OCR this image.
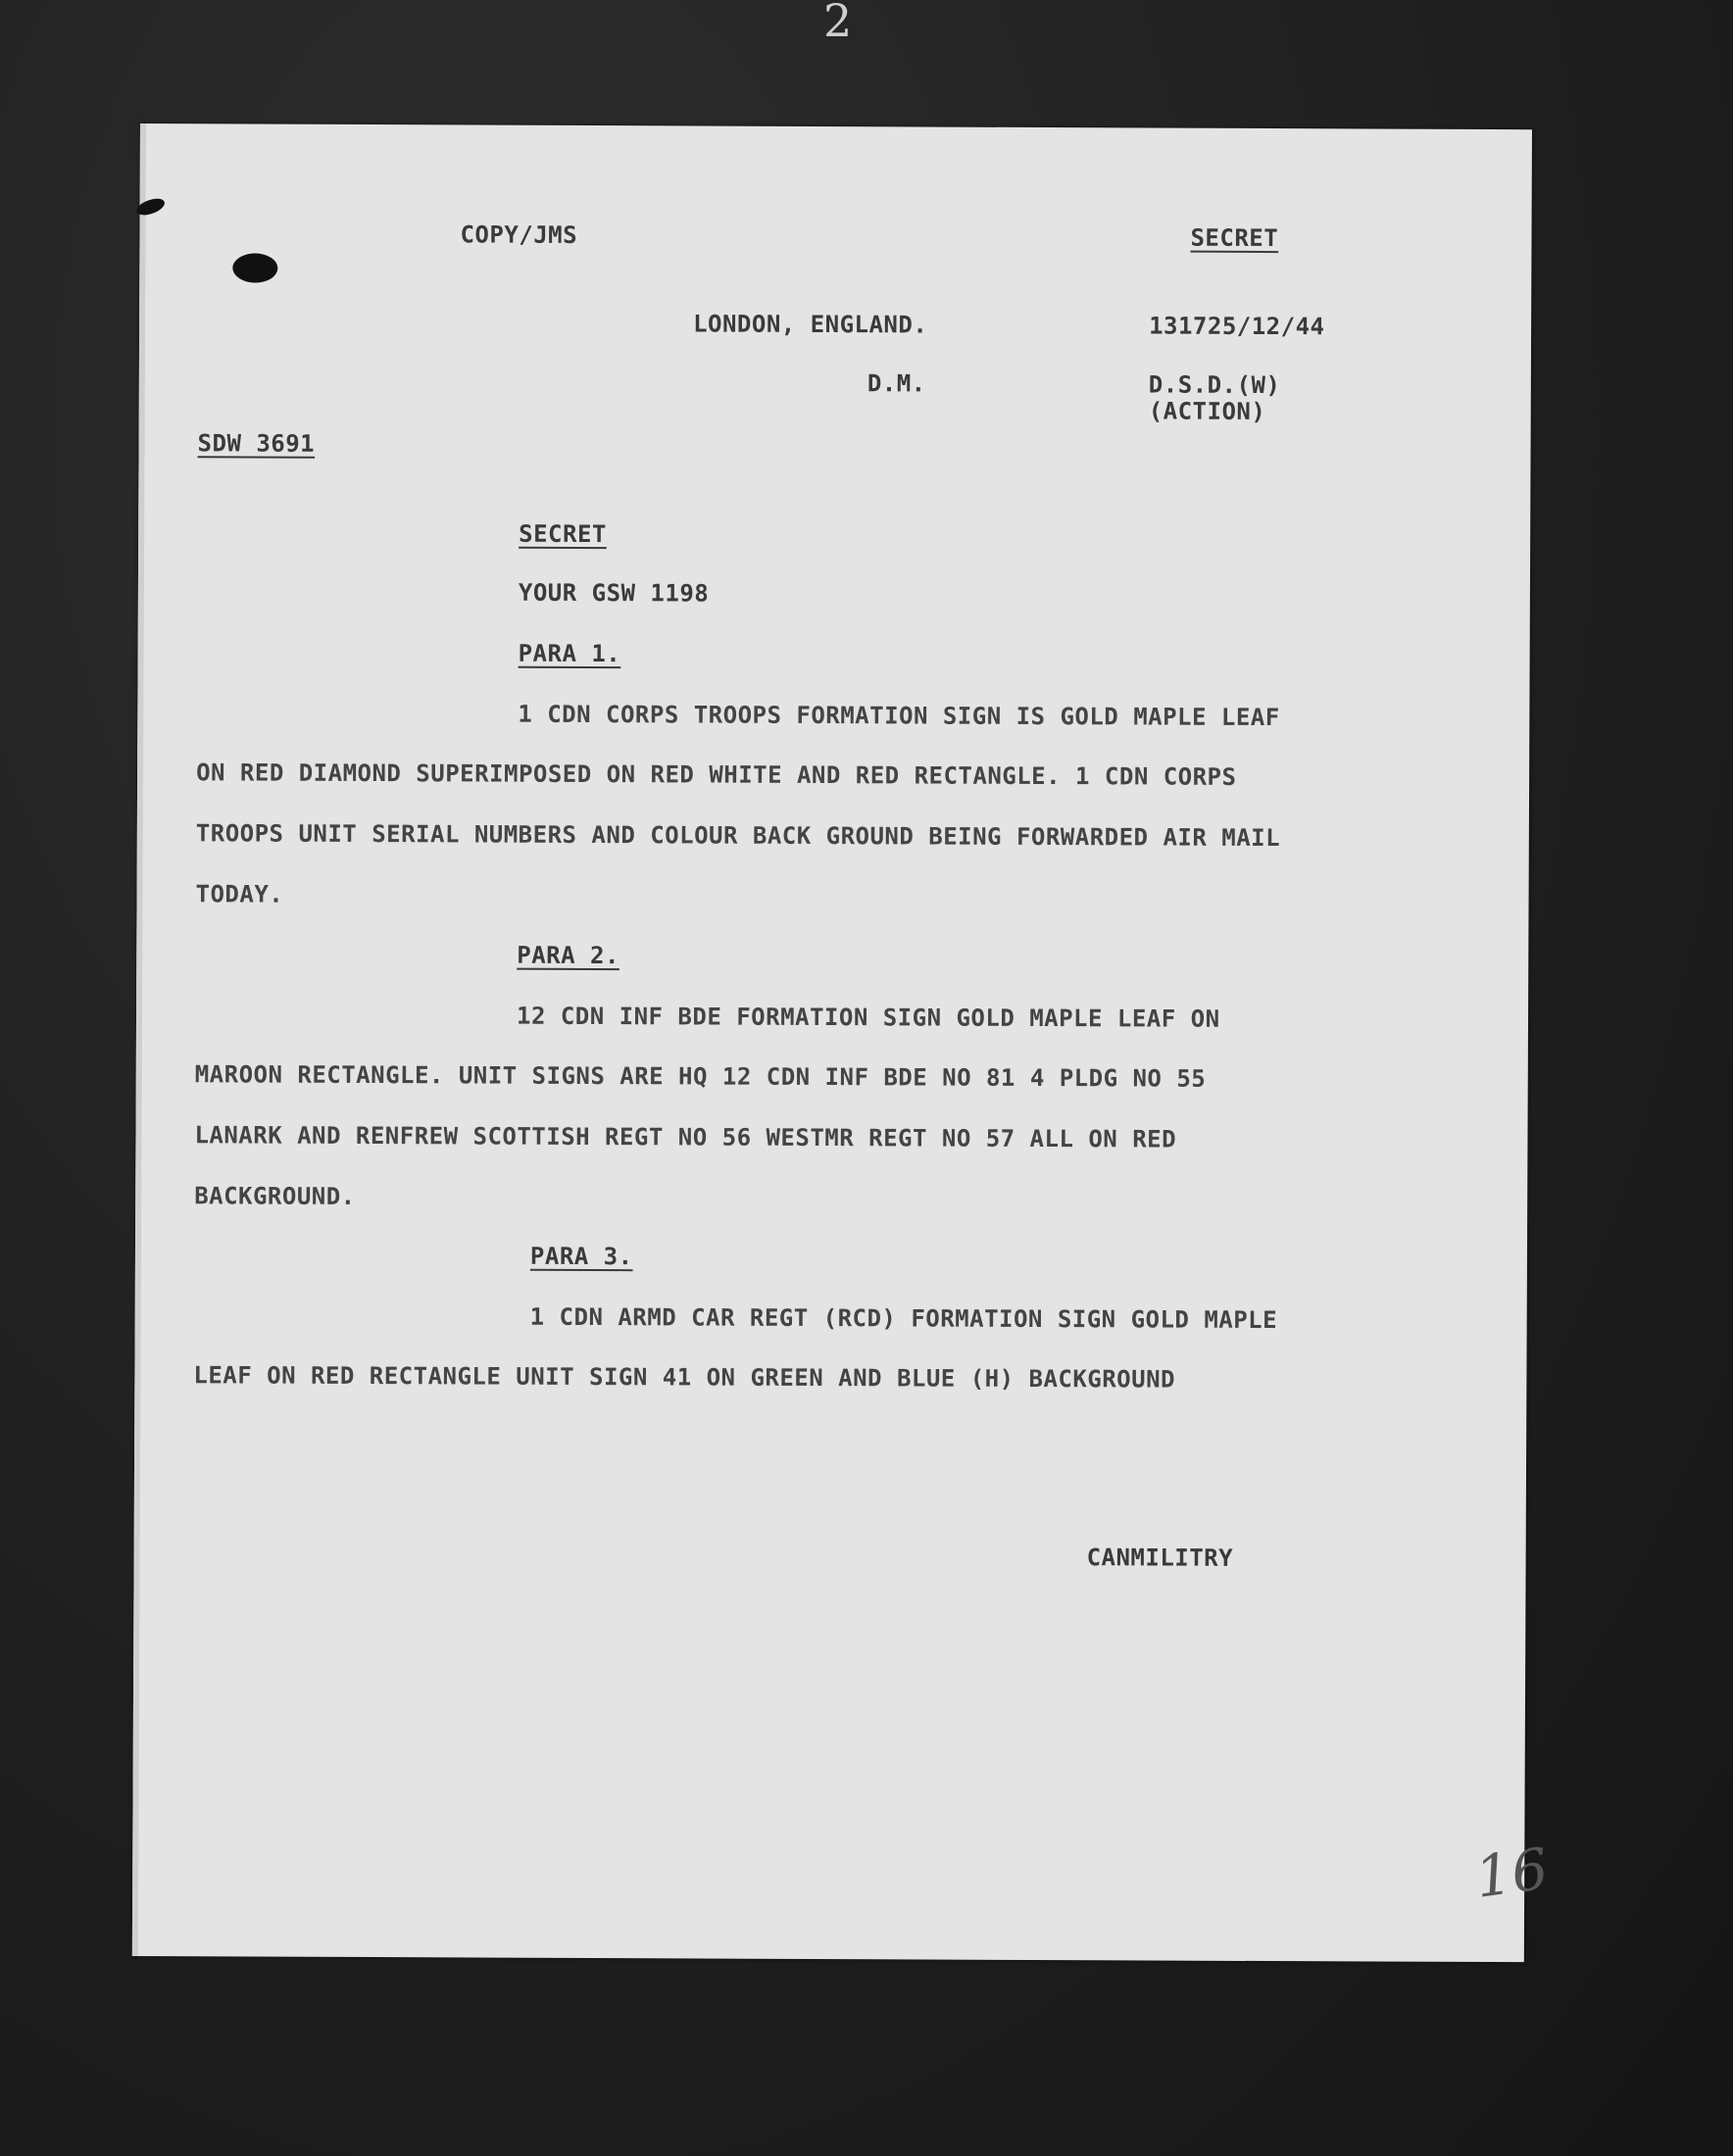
2
COPY/JMS	SECRET
LONDON, ENGLAND.	131725/12/44
D.M.	D.S.D.(W)
(ACTION)
SDW 3691
SECRET
YOUR GSW 1198
PARA 1.
1 CDN CORPS TROOPS FORMATION SIGN IS GOLD MAPLE LEAF
ON RED DIAMOND SUPERIMPOSED ON RED WHITE AND RED RECTANGLE. 1 CDN CORPS
TROOPS UNIT SERIAL NUMBERS AND COLOUR BACK GROUND BEING FORWARDED AIR MAIL
TODAY.
PARA 2.
12 CDN INF BDE FORMATION SIGN GOLD MAPLE LEAF ON
MAROON RECTANGLE. UNIT SIGNS ARE HQ 12 CDN INF BDE NO 81 4 PLDG NO 55
LANARK AND RENFREW SCOTTISH REGT NO 56 WESTMR REGT NO 57 ALL ON RED
BACKGROUND.
PARA 3.
1 CDN ARMD CAR REGT (RCD) FORMATION SIGN GOLD MAPLE
LEAF ON RED RECTANGLE UNIT SIGN 41 ON GREEN AND BLUE (H) BACKGROUND
CANMILITRY
16
